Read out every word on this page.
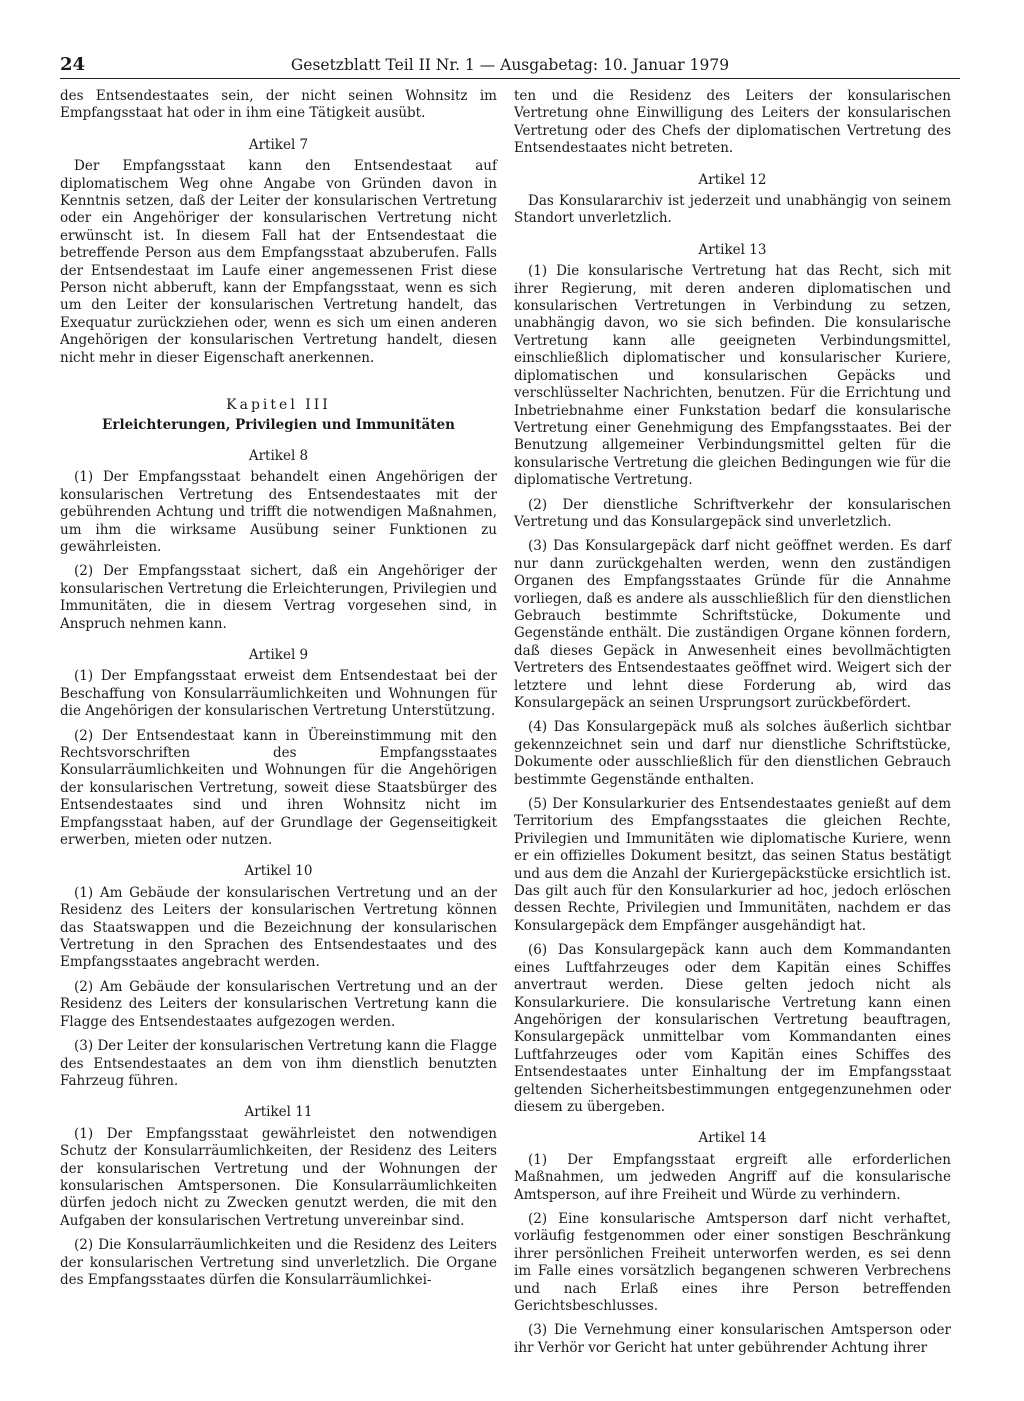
24	Gesetzblatt Teil II Nr. 1 — Ausgabetag: 10. Januar 1979

des Entsendestaates sein, der nicht seinen Wohnsitz im Empfangsstaat hat oder in ihm eine Tätigkeit ausübt.

Artikel 7

Der Empfangsstaat kann den Entsendestaat auf diplomatischem Weg ohne Angabe von Gründen davon in Kenntnis setzen, daß der Leiter der konsularischen Vertretung oder ein Angehöriger der konsularischen Vertretung nicht erwünscht ist. In diesem Fall hat der Entsendestaat die betreffende Person aus dem Empfangsstaat abzuberufen. Falls der Entsendestaat im Laufe einer angemessenen Frist diese Person nicht abberuft, kann der Empfangsstaat, wenn es sich um den Leiter der konsularischen Vertretung handelt, das Exequatur zurückziehen oder, wenn es sich um einen anderen Angehörigen der konsularischen Vertretung handelt, diesen nicht mehr in dieser Eigenschaft anerkennen.

Kapitel III
Erleichterungen, Privilegien und Immunitäten
Artikel 8

(1) Der Empfangsstaat behandelt einen Angehörigen der konsularischen Vertretung des Entsendestaates mit der gebührenden Achtung und trifft die notwendigen Maßnahmen, um ihm die wirksame Ausübung seiner Funktionen zu gewährleisten.

(2) Der Empfangsstaat sichert, daß ein Angehöriger der konsularischen Vertretung die Erleichterungen, Privilegien und Immunitäten, die in diesem Vertrag vorgesehen sind, in Anspruch nehmen kann.

Artikel 9

(1) Der Empfangsstaat erweist dem Entsendestaat bei der Beschaffung von Konsularräumlichkeiten und Wohnungen für die Angehörigen der konsularischen Vertretung Unterstützung.

(2) Der Entsendestaat kann in Übereinstimmung mit den Rechtsvorschriften des Empfangsstaates Konsularräumlichkeiten und Wohnungen für die Angehörigen der konsularischen Vertretung, soweit diese Staatsbürger des Entsendestaates sind und ihren Wohnsitz nicht im Empfangsstaat haben, auf der Grundlage der Gegenseitigkeit erwerben, mieten oder nutzen.

Artikel 10

(1) Am Gebäude der konsularischen Vertretung und an der Residenz des Leiters der konsularischen Vertretung können das Staatswappen und die Bezeichnung der konsularischen Vertretung in den Sprachen des Entsendestaates und des Empfangsstaates angebracht werden.

(2) Am Gebäude der konsularischen Vertretung und an der Residenz des Leiters der konsularischen Vertretung kann die Flagge des Entsendestaates aufgezogen werden.

(3) Der Leiter der konsularischen Vertretung kann die Flagge des Entsendestaates an dem von ihm dienstlich benutzten Fahrzeug führen.

Artikel 11

(1) Der Empfangsstaat gewährleistet den notwendigen Schutz der Konsularräumlichkeiten, der Residenz des Leiters der konsularischen Vertretung und der Wohnungen der konsularischen Amtspersonen. Die Konsularräumlichkeiten dürfen jedoch nicht zu Zwecken genutzt werden, die mit den Aufgaben der konsularischen Vertretung unvereinbar sind.

(2) Die Konsularräumlichkeiten und die Residenz des Leiters der konsularischen Vertretung sind unverletzlich. Die Organe des Empfangsstaates dürfen die Konsularräumlichkei-

ten und die Residenz des Leiters der konsularischen Vertretung ohne Einwilligung des Leiters der konsularischen Vertretung oder des Chefs der diplomatischen Vertretung des Entsendestaates nicht betreten.

Artikel 12

Das Konsulararchiv ist jederzeit und unabhängig von seinem Standort unverletzlich.

Artikel 13

(1) Die konsularische Vertretung hat das Recht, sich mit ihrer Regierung, mit deren anderen diplomatischen und konsularischen Vertretungen in Verbindung zu setzen, unabhängig davon, wo sie sich befinden. Die konsularische Vertretung kann alle geeigneten Verbindungsmittel, einschließlich diplomatischer und konsularischer Kuriere, diplomatischen und konsularischen Gepäcks und verschlüsselter Nachrichten, benutzen. Für die Errichtung und Inbetriebnahme einer Funkstation bedarf die konsularische Vertretung einer Genehmigung des Empfangsstaates. Bei der Benutzung allgemeiner Verbindungsmittel gelten für die konsularische Vertretung die gleichen Bedingungen wie für die diplomatische Vertretung.

(2) Der dienstliche Schriftverkehr der konsularischen Vertretung und das Konsulargepäck sind unverletzlich.

(3) Das Konsulargepäck darf nicht geöffnet werden. Es darf nur dann zurückgehalten werden, wenn den zuständigen Organen des Empfangsstaates Gründe für die Annahme vorliegen, daß es andere als ausschließlich für den dienstlichen Gebrauch bestimmte Schriftstücke, Dokumente und Gegenstände enthält. Die zuständigen Organe können fordern, daß dieses Gepäck in Anwesenheit eines bevollmächtigten Vertreters des Entsendestaates geöffnet wird. Weigert sich der letztere und lehnt diese Forderung ab, wird das Konsulargepäck an seinen Ursprungsort zurückbefördert.

(4) Das Konsulargepäck muß als solches äußerlich sichtbar gekennzeichnet sein und darf nur dienstliche Schriftstücke, Dokumente oder ausschließlich für den dienstlichen Gebrauch bestimmte Gegenstände enthalten.

(5) Der Konsularkurier des Entsendestaates genießt auf dem Territorium des Empfangsstaates die gleichen Rechte, Privilegien und Immunitäten wie diplomatische Kuriere, wenn er ein offizielles Dokument besitzt, das seinen Status bestätigt und aus dem die Anzahl der Kuriergepäckstücke ersichtlich ist. Das gilt auch für den Konsularkurier ad hoc, jedoch erlöschen dessen Rechte, Privilegien und Immunitäten, nachdem er das Konsulargepäck dem Empfänger ausgehändigt hat.

(6) Das Konsulargepäck kann auch dem Kommandanten eines Luftfahrzeuges oder dem Kapitän eines Schiffes anvertraut werden. Diese gelten jedoch nicht als Konsularkuriere. Die konsularische Vertretung kann einen Angehörigen der konsularischen Vertretung beauftragen, Konsulargepäck unmittelbar vom Kommandanten eines Luftfahrzeuges oder vom Kapitän eines Schiffes des Entsendestaates unter Einhaltung der im Empfangsstaat geltenden Sicherheitsbestimmungen entgegenzunehmen oder diesem zu übergeben.

Artikel 14

(1) Der Empfangsstaat ergreift alle erforderlichen Maßnahmen, um jedweden Angriff auf die konsularische Amtsperson, auf ihre Freiheit und Würde zu verhindern.

(2) Eine konsularische Amtsperson darf nicht verhaftet, vorläufig festgenommen oder einer sonstigen Beschränkung ihrer persönlichen Freiheit unterworfen werden, es sei denn im Falle eines vorsätzlich begangenen schweren Verbrechens und nach Erlaß eines ihre Person betreffenden Gerichtsbeschlusses.

(3) Die Vernehmung einer konsularischen Amtsperson oder ihr Verhör vor Gericht hat unter gebührender Achtung ihrer
